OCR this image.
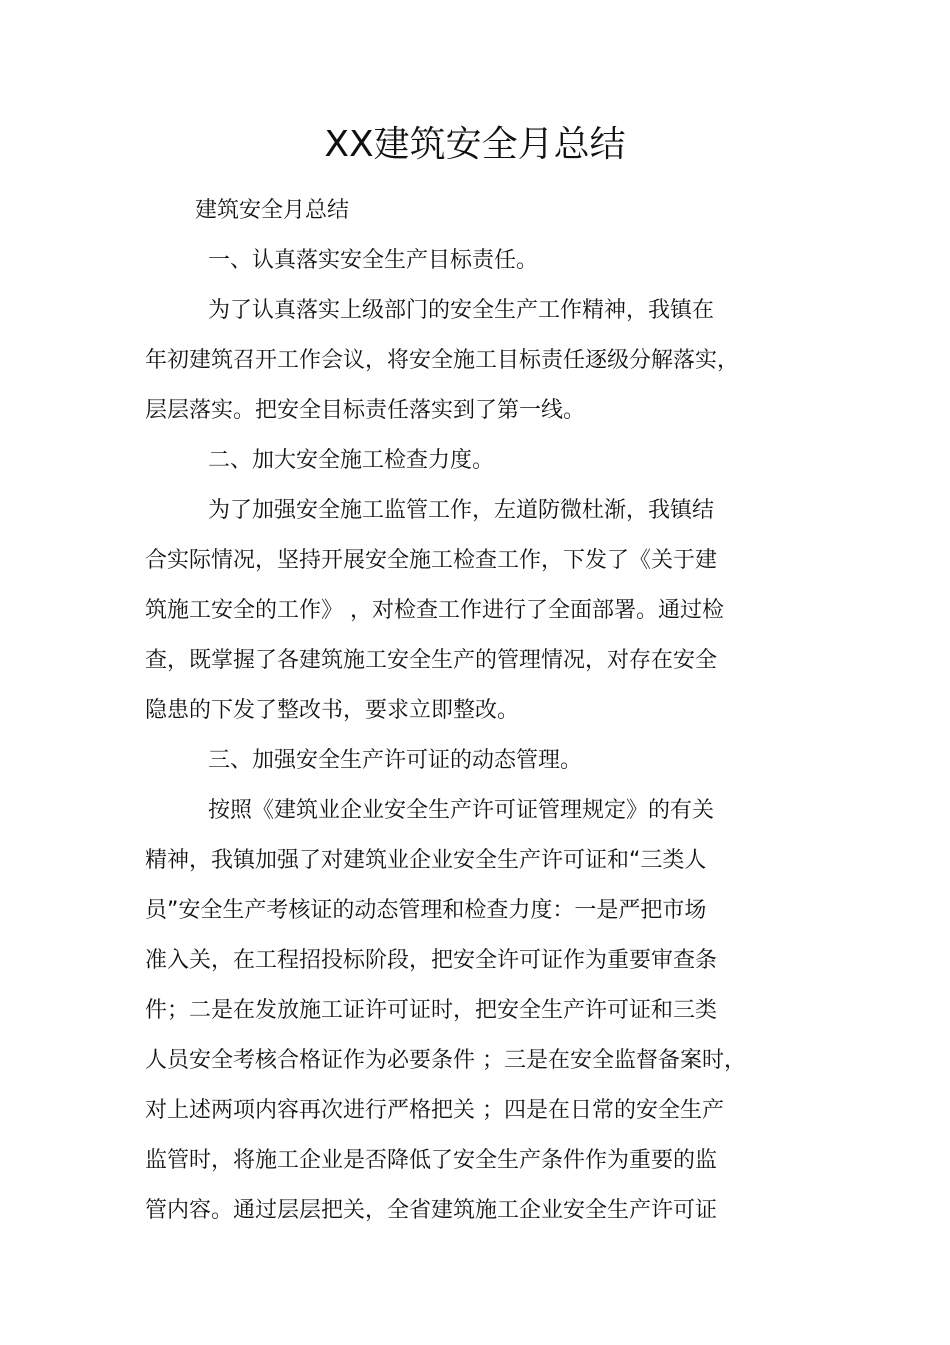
XX建筑安全月总结
建筑安全月总结
一、认真落实安全生产目标责任。
为了认真落实上级部门的安全生产工作精神，我镇在
年初建筑召开工作会议，将安全施工目标责任逐级分解落实，
层层落实。把安全目标责任落实到了第一线。
二、加大安全施工检查力度。
为了加强安全施工监管工作，左道防微杜渐，我镇结
合实际情况，坚持开展安全施工检查工作，下发了《关于建
筑施工安全的工作》 ，对检查工作进行了全面部署。通过检
查，既掌握了各建筑施工安全生产的管理情况，对存在安全
隐患的下发了整改书，要求立即整改。
三、加强安全生产许可证的动态管理。
按照《建筑业企业安全生产许可证管理规定》的有关
精神，我镇加强了对建筑业企业安全生产许可证和“三类人
员”安全生产考核证的动态管理和检查力度：一是严把市场
准入关，在工程招投标阶段，把安全许可证作为重要审查条
件；二是在发放施工证许可证时，把安全生产许可证和三类
人员安全考核合格证作为必要条件 ；三是在安全监督备案时，
对上述两项内容再次进行严格把关 ；四是在日常的安全生产
监管时，将施工企业是否降低了安全生产条件作为重要的监
管内容。通过层层把关，全省建筑施工企业安全生产许可证
